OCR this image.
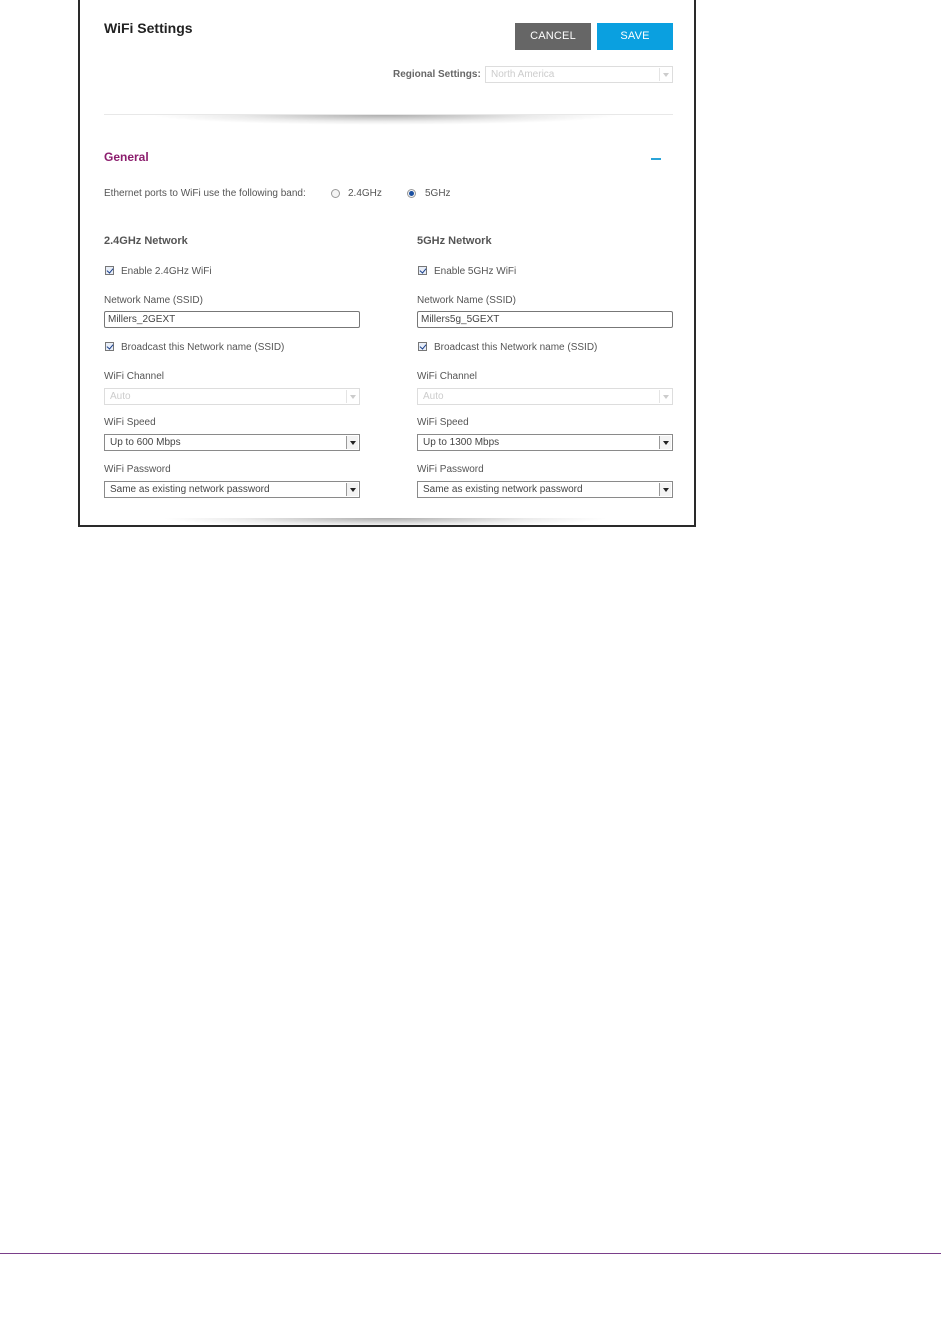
WiFi Settings	CANCEL	SAVE
Regional Settings:	North America
General
Ethernet ports to WiFi use the following band:	2.4GHz	5GHz
2.4GHz Network
Enable 2.4GHz WiFi
Network Name (SSID)
Millers_2GEXT
Broadcast this Network name (SSID)
WiFi Channel
Auto
WiFi Speed
Up to 600 Mbps
WiFi Password
Same as existing network password
5GHz Network
Enable 5GHz WiFi
Network Name (SSID)
Millers5g_5GEXT
Broadcast this Network name (SSID)
WiFi Channel
Auto
WiFi Speed
Up to 1300 Mbps
WiFi Password
Same as existing network password
